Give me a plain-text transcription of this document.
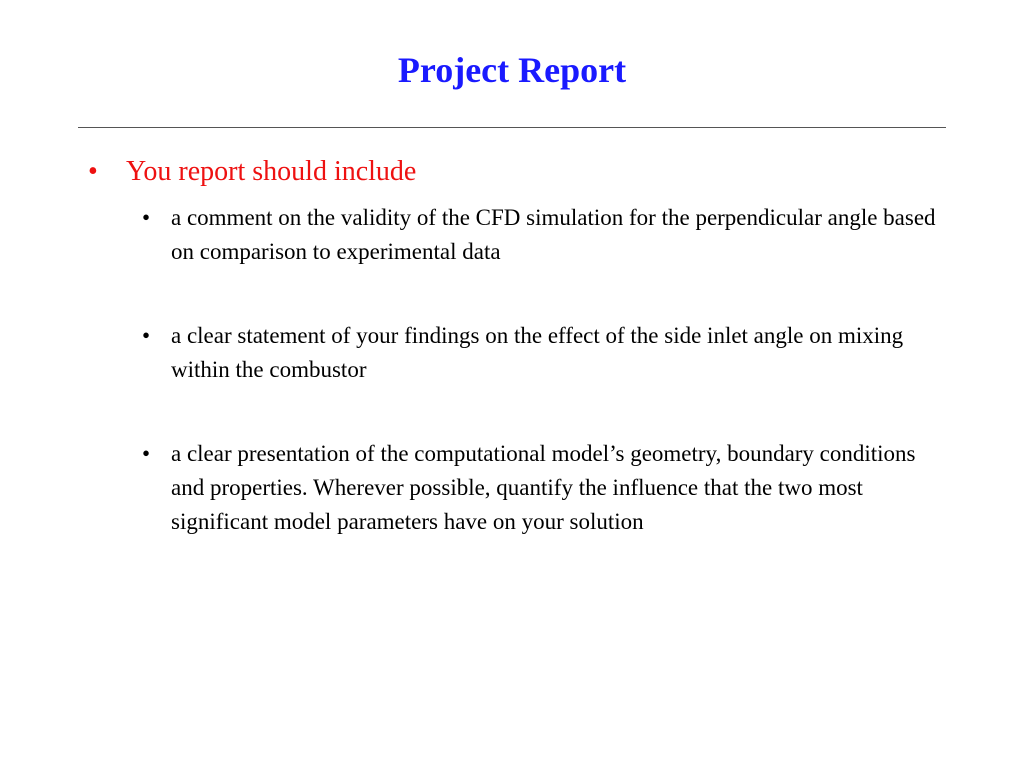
Project Report
• You report should include
• a comment on the validity of the CFD simulation for the perpendicular angle based on comparison to experimental data
• a clear statement of your findings on the effect of the side inlet angle on mixing within the combustor
• a clear presentation of the computational model’s geometry, boundary conditions and properties. Wherever possible, quantify the influence that the two most significant model parameters have on your solution
